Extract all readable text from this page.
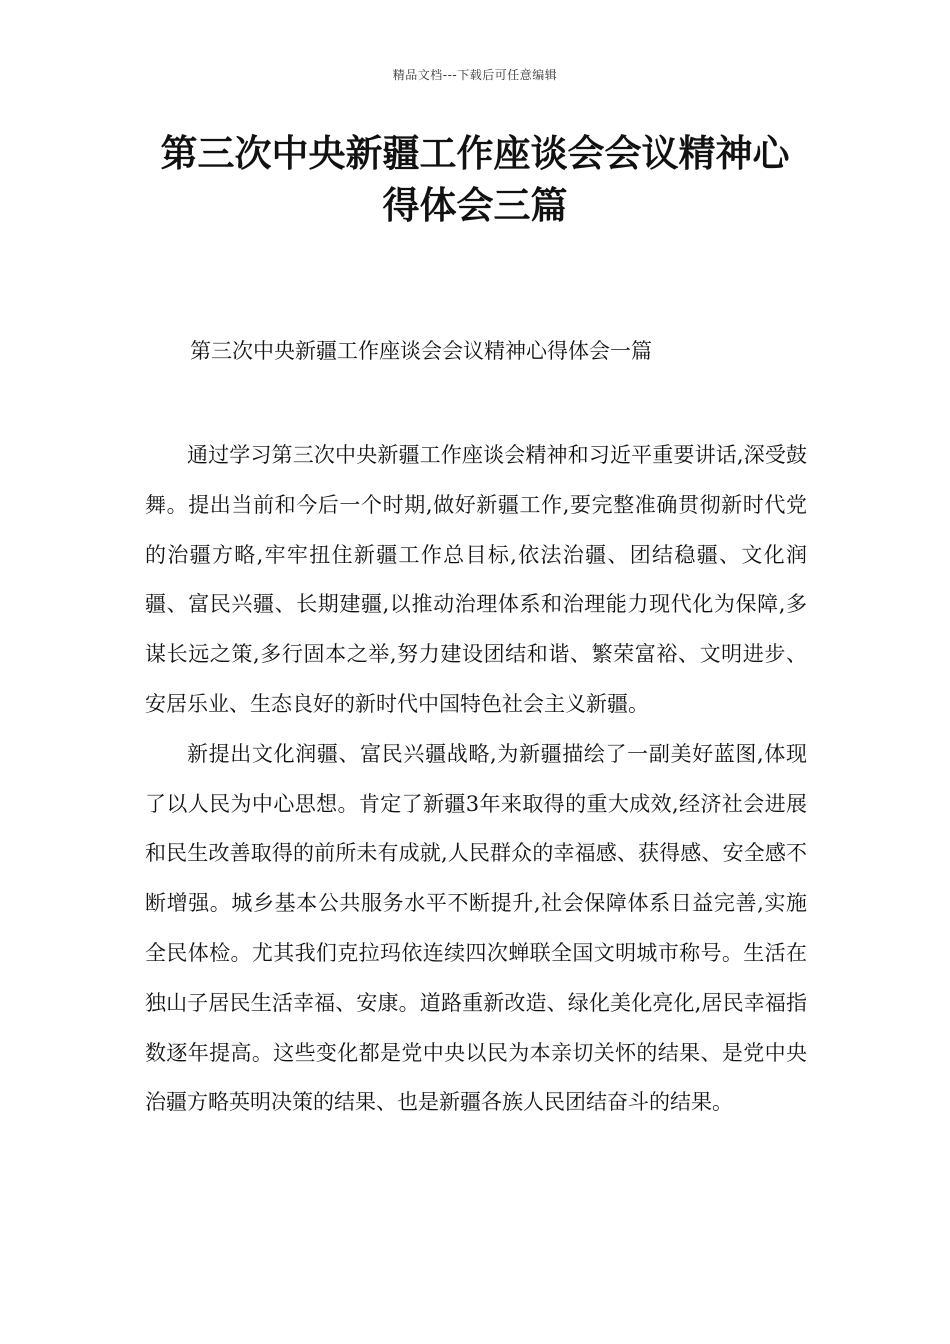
精品文档---下载后可任意编辑
第三次中央新疆工作座谈会会议精神心
得体会三篇
第三次中央新疆工作座谈会会议精神心得体会一篇

通过学习第三次中央新疆工作座谈会精神和习近平重要讲话,深受鼓舞。提出当前和今后一个时期,做好新疆工作,要完整准确贯彻新时代党的治疆方略,牢牢扭住新疆工作总目标,依法治疆、团结稳疆、文化润疆、富民兴疆、长期建疆,以推动治理体系和治理能力现代化为保障,多谋长远之策,多行固本之举,努力建设团结和谐、繁荣富裕、文明进步、安居乐业、生态良好的新时代中国特色社会主义新疆。

新提出文化润疆、富民兴疆战略,为新疆描绘了一副美好蓝图,体现了以人民为中心思想。肯定了新疆3年来取得的重大成效,经济社会进展和民生改善取得的前所未有成就,人民群众的幸福感、获得感、安全感不断增强。城乡基本公共服务水平不断提升,社会保障体系日益完善,实施全民体检。尤其我们克拉玛依连续四次蝉联全国文明城市称号。生活在独山子居民生活幸福、安康。道路重新改造、绿化美化亮化,居民幸福指数逐年提高。这些变化都是党中央以民为本亲切关怀的结果、是党中央治疆方略英明决策的结果、也是新疆各族人民团结奋斗的结果。
